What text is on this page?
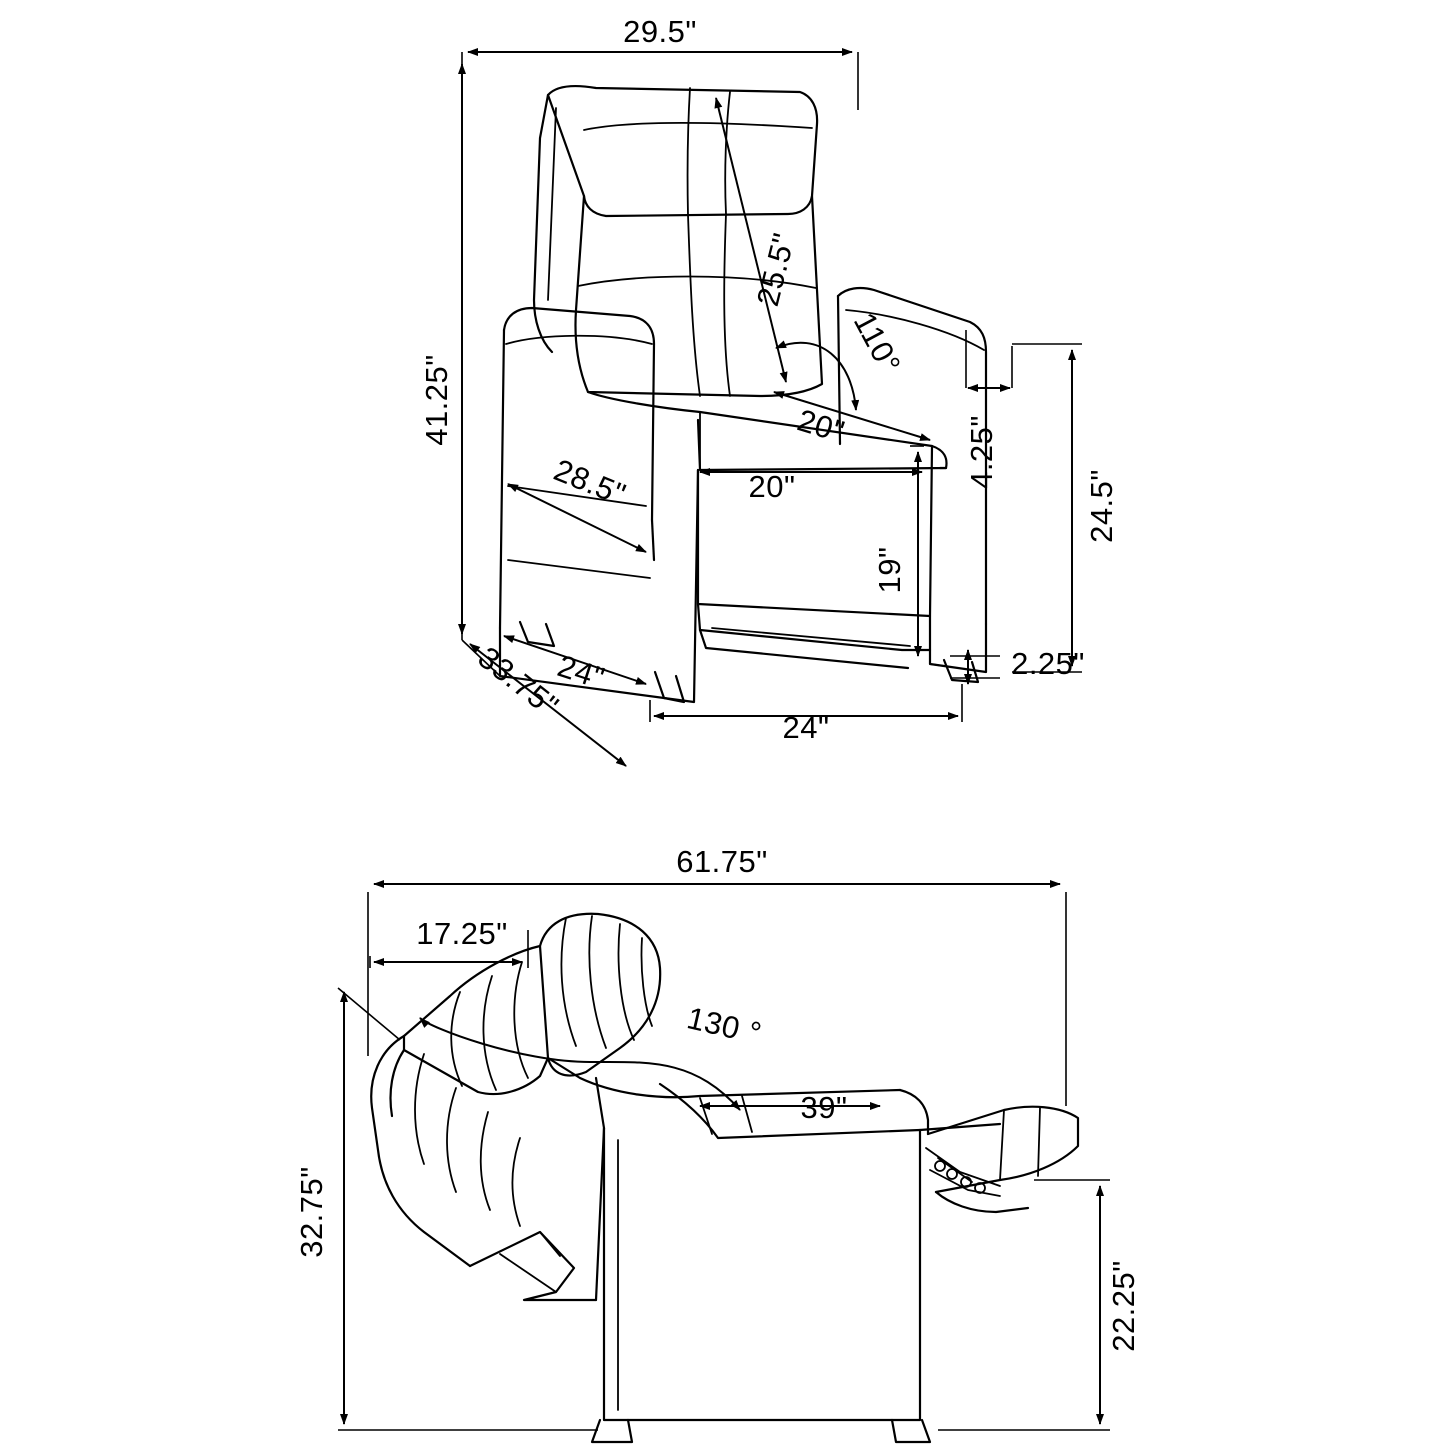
29.5"
41.25"
25.5"
110°
20"
20"	4.25"
24.5"
28.5"
19"
2.25"
33.75"
24"
24"
61.75"
17.25"
130 °
39"
32.75"
22.25"
